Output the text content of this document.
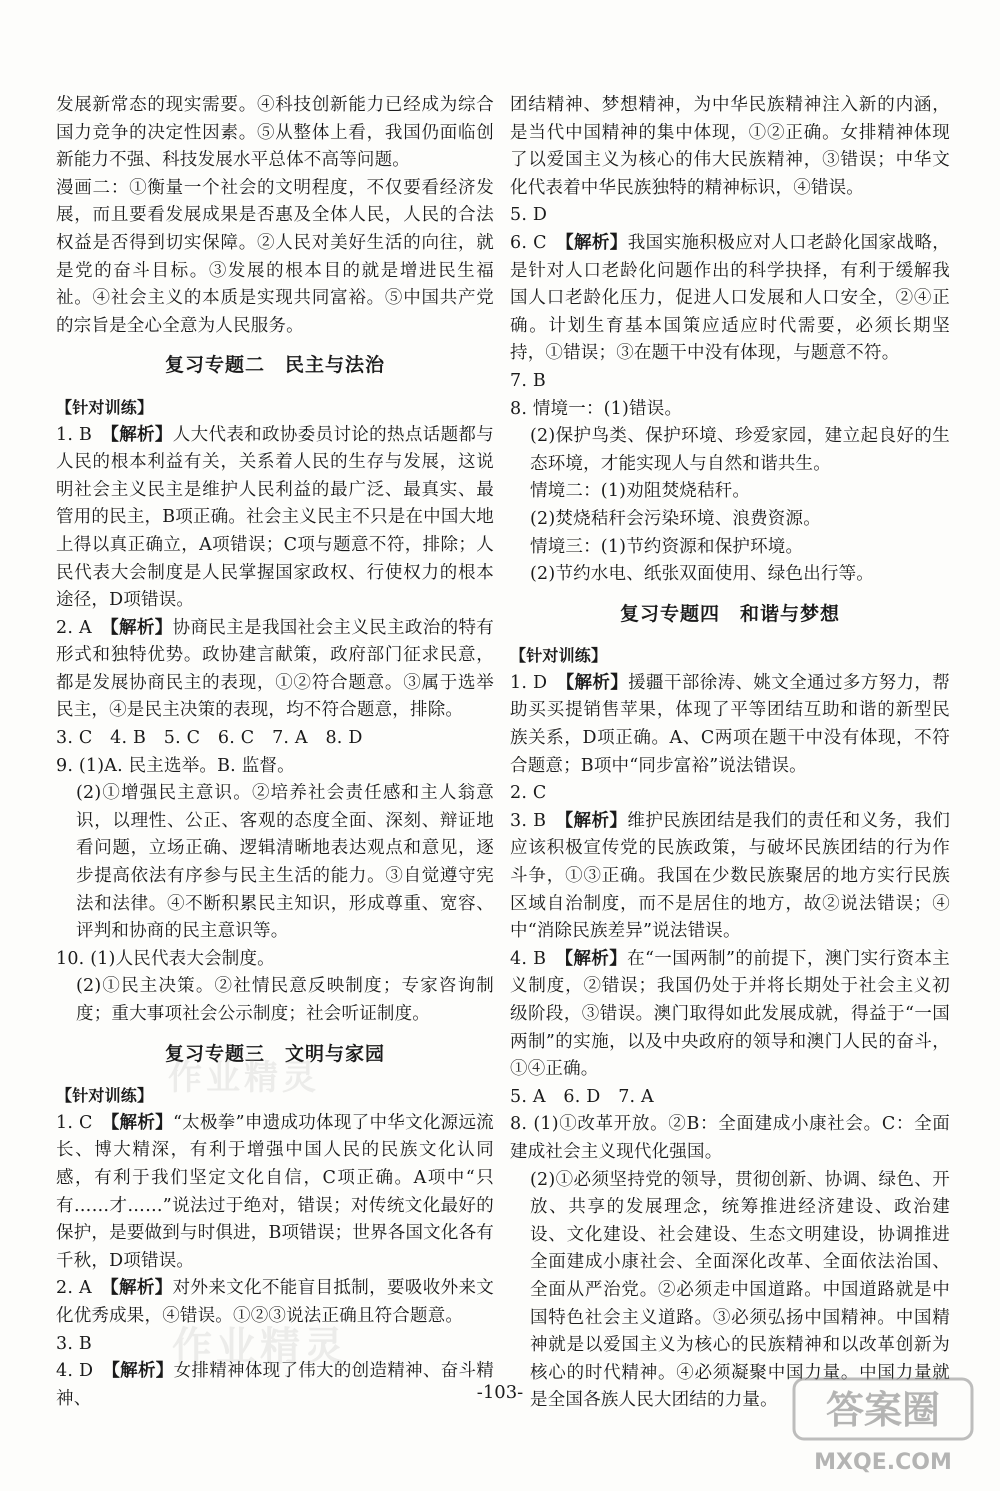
发展新常态的现实需要。④科技创新能力已经成为综合国力竞争的决定性因素。⑤从整体上看，我国仍面临创新能力不强、科技发展水平总体不高等问题。

漫画二：①衡量一个社会的文明程度，不仅要看经济发展，而且要看发展成果是否惠及全体人民，人民的合法权益是否得到切实保障。②人民对美好生活的向往，就是党的奋斗目标。③发展的根本目的就是增进民生福祉。④社会主义的本质是实现共同富裕。⑤中国共产党的宗旨是全心全意为人民服务。

复习专题二　民主与法治

【针对训练】

1. B　 【解析】人大代表和政协委员讨论的热点话题都与人民的根本利益有关，关系着人民的生存与发展，这说明社会主义民主是维护人民利益的最广泛、最真实、最管用的民主，B项正确。社会主义民主不只是在中国大地上得以真正确立，A项错误；C项与题意不符，排除；人民代表大会制度是人民掌握国家政权、行使权力的根本途径，D项错误。

2. A　 【解析】协商民主是我国社会主义民主政治的特有形式和独特优势。政协建言献策，政府部门征求民意，都是发展协商民主的表现，①②符合题意。③属于选举民主，④是民主决策的表现，均不符合题意，排除。

3. C　4. B　5. C　6. C　7. A　8. D

9. (1)A. 民主选举。B. 监督。

(2)①增强民主意识。②培养社会责任感和主人翁意识，以理性、公正、客观的态度全面、深刻、辩证地看问题，立场正确、逻辑清晰地表达观点和意见，逐步提高依法有序参与民主生活的能力。③自觉遵守宪法和法律。④不断积累民主知识，形成尊重、宽容、评判和协商的民主意识等。

10. (1)人民代表大会制度。

(2)①民主决策。②社情民意反映制度；专家咨询制度；重大事项社会公示制度；社会听证制度。

复习专题三　文明与家园

【针对训练】

1. C　 【解析】“太极拳”申遗成功体现了中华文化源远流长、博大精深，有利于增强中国人民的民族文化认同感，有利于我们坚定文化自信，C项正确。A项中“只有……才……”说法过于绝对，错误；对传统文化最好的保护，是要做到与时俱进，B项错误；世界各国文化各有千秋，D项错误。

2. A　 【解析】对外来文化不能盲目抵制，要吸收外来文化优秀成果，④错误。①②③说法正确且符合题意。

3. B

4. D　 【解析】女排精神体现了伟大的创造精神、奋斗精神、

团结精神、梦想精神，为中华民族精神注入新的内涵，是当代中国精神的集中体现，①②正确。女排精神体现了以爱国主义为核心的伟大民族精神，③错误；中华文化代表着中华民族独特的精神标识，④错误。

5. D

6. C　 【解析】我国实施积极应对人口老龄化国家战略，是针对人口老龄化问题作出的科学抉择，有利于缓解我国人口老龄化压力，促进人口发展和人口安全，②④正确。计划生育基本国策应适应时代需要，必须长期坚持，①错误；③在题干中没有体现，与题意不符。

7. B

8. 情境一：(1)错误。

(2)保护鸟类、保护环境、珍爱家园，建立起良好的生态环境，才能实现人与自然和谐共生。

情境二：(1)劝阻焚烧秸秆。

(2)焚烧秸秆会污染环境、浪费资源。

情境三：(1)节约资源和保护环境。

(2)节约水电、纸张双面使用、绿色出行等。

复习专题四　和谐与梦想

【针对训练】

1. D　 【解析】援疆干部徐涛、姚文全通过多方努力，帮助买买提销售苹果，体现了平等团结互助和谐的新型民族关系，D项正确。A、C两项在题干中没有体现，不符合题意；B项中“同步富裕”说法错误。

2. C

3. B　 【解析】维护民族团结是我们的责任和义务，我们应该积极宣传党的民族政策，与破坏民族团结的行为作斗争，①③正确。我国在少数民族聚居的地方实行民族区域自治制度，而不是居住的地方，故②说法错误；④中“消除民族差异”说法错误。

4. B　 【解析】在“一国两制”的前提下，澳门实行资本主义制度，②错误；我国仍处于并将长期处于社会主义初级阶段，③错误。澳门取得如此发展成就，得益于“一国两制”的实施，以及中央政府的领导和澳门人民的奋斗，①④正确。

5. A　6. D　7. A

8. (1)①改革开放。②B：全面建成小康社会。C：全面建成社会主义现代化强国。

(2)①必须坚持党的领导，贯彻创新、协调、绿色、开放、共享的发展理念，统筹推进经济建设、政治建设、文化建设、社会建设、生态文明建设，协调推进全面建成小康社会、全面深化改革、全面依法治国、全面从严治党。②必须走中国道路。中国道路就是中国特色社会主义道路。③必须弘扬中国精神。中国精神就是以爱国主义为核心的民族精神和以改革创新为核心的时代精神。④必须凝聚中国力量。中国力量就是全国各族人民大团结的力量。

作业精灵
作业精灵
-103-	答案圈
MXQE.COM
